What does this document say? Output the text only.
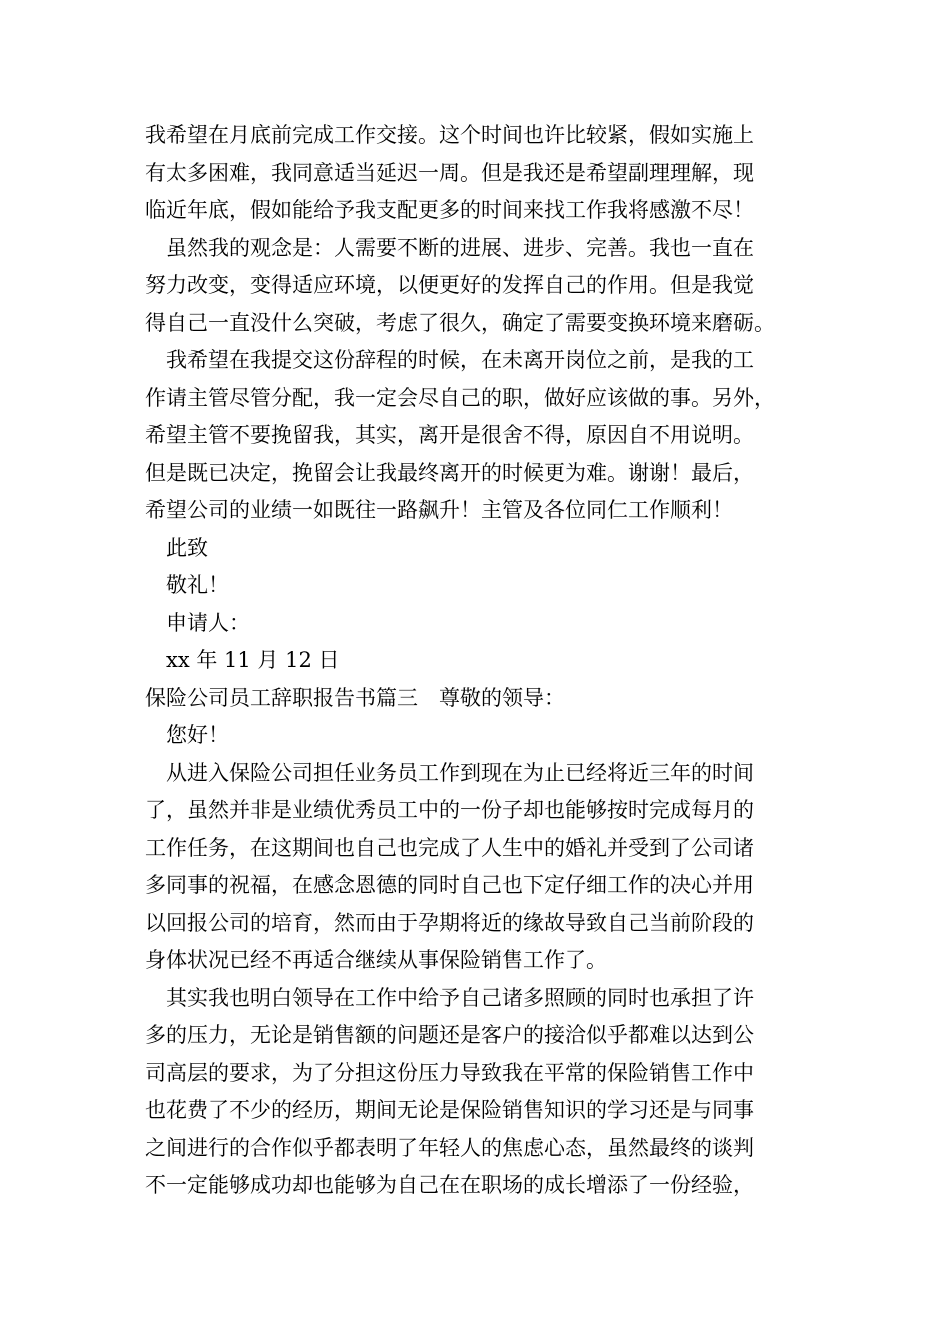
我希望在月底前完成工作交接。这个时间也许比较紧，假如实施上
有太多困难，我同意适当延迟一周。但是我还是希望副理理解，现
临近年底，假如能给予我支配更多的时间来找工作我将感激不尽！
　虽然我的观念是：人需要不断的进展、进步、完善。我也一直在
努力改变，变得适应环境，以便更好的发挥自己的作用。但是我觉
得自己一直没什么突破，考虑了很久，确定了需要变换环境来磨砺。
　我希望在我提交这份辞程的时候，在未离开岗位之前，是我的工
作请主管尽管分配，我一定会尽自己的职，做好应该做的事。另外，
希望主管不要挽留我，其实，离开是很舍不得，原因自不用说明。
但是既已决定，挽留会让我最终离开的时候更为难。谢谢！最后，
希望公司的业绩一如既往一路飙升！主管及各位同仁工作顺利！
　此致
　敬礼！
　申请人：
　xx 年 11 月 12 日
保险公司员工辞职报告书篇三　尊敬的领导：
　您好！
　从进入保险公司担任业务员工作到现在为止已经将近三年的时间
了，虽然并非是业绩优秀员工中的一份子却也能够按时完成每月的
工作任务，在这期间也自己也完成了人生中的婚礼并受到了公司诸
多同事的祝福，在感念恩德的同时自己也下定仔细工作的决心并用
以回报公司的培育，然而由于孕期将近的缘故导致自己当前阶段的
身体状况已经不再适合继续从事保险销售工作了。
　其实我也明白领导在工作中给予自己诸多照顾的同时也承担了许
多的压力，无论是销售额的问题还是客户的接洽似乎都难以达到公
司高层的要求，为了分担这份压力导致我在平常的保险销售工作中
也花费了不少的经历，期间无论是保险销售知识的学习还是与同事
之间进行的合作似乎都表明了年轻人的焦虑心态，虽然最终的谈判
不一定能够成功却也能够为自己在在职场的成长增添了一份经验，
